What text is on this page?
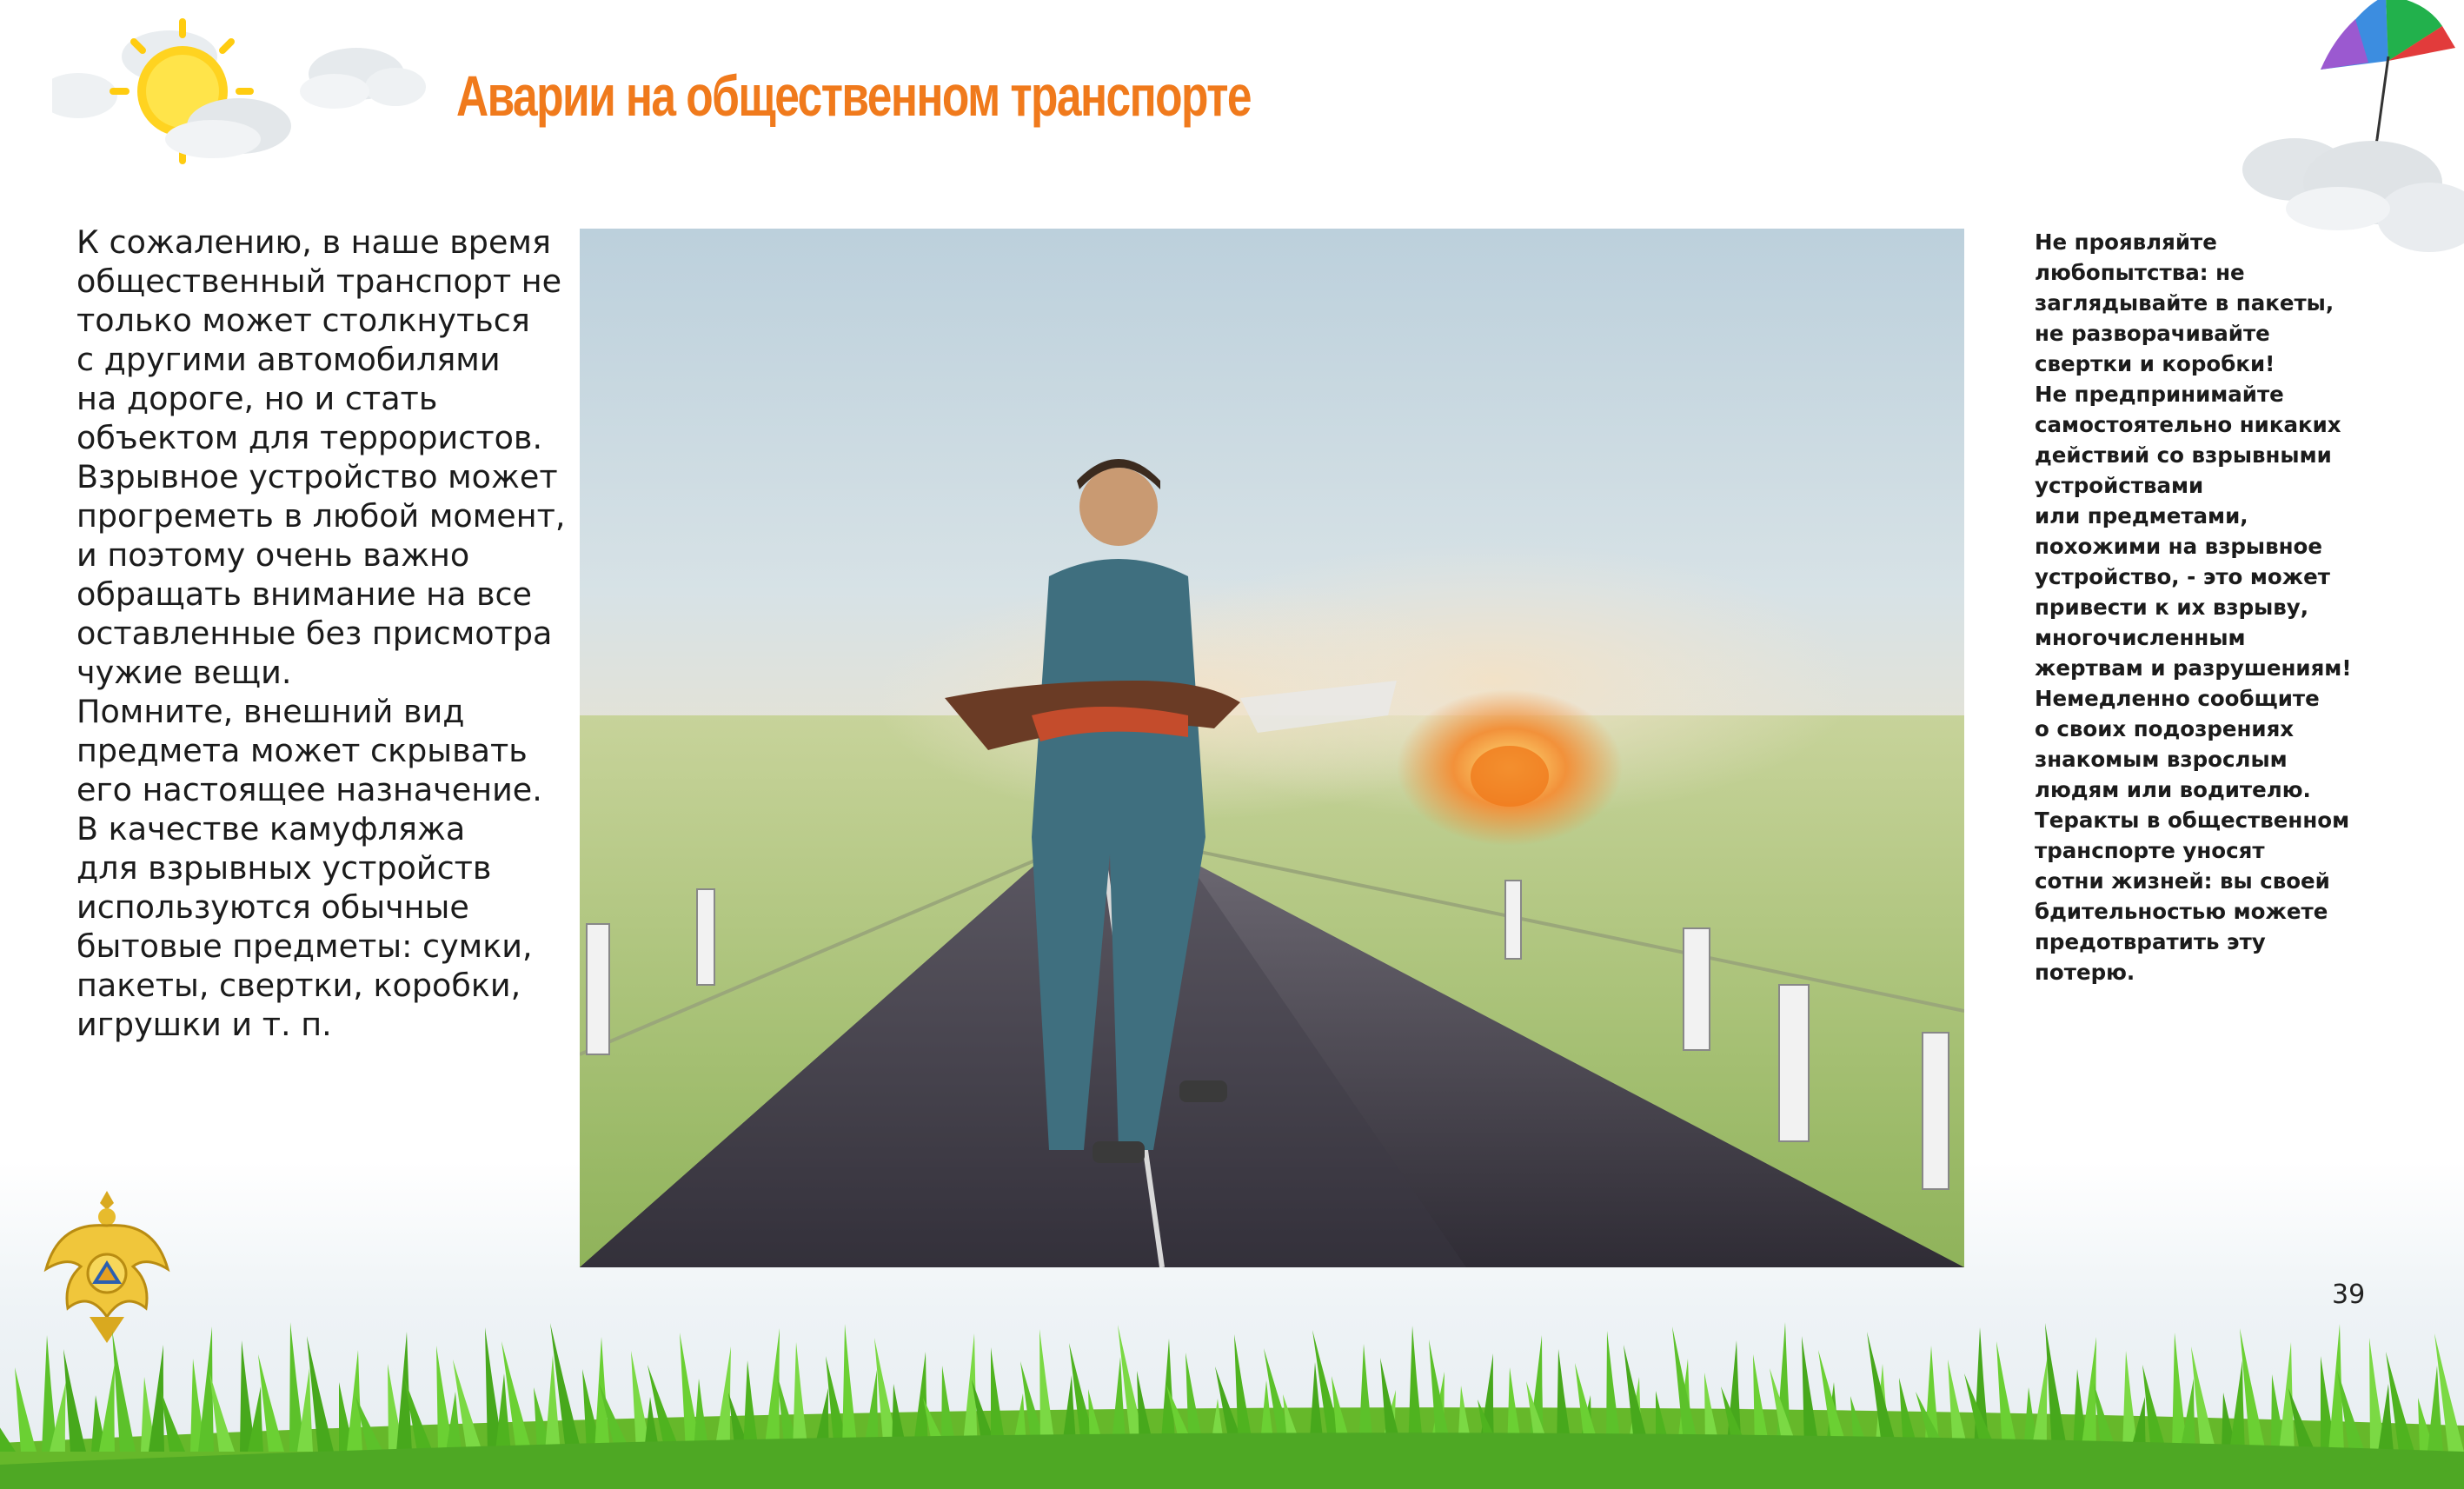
Аварии на общественном транспорте
К сожалению, в наше время
общественный транспорт не
только может столкнуться
с другими автомобилями
на дороге, но и стать
объектом для террористов.
Взрывное устройство может
прогреметь в любой момент,
и поэтому очень важно
обращать внимание на все
оставленные без присмотра
чужие вещи.
Помните, внешний вид
предмета может скрывать
его настоящее назначение.
В качестве камуфляжа
для взрывных устройств
используются обычные
бытовые предметы: сумки,
пакеты, свертки, коробки,
игрушки и т. п.
Не проявляйте
любопытства: не
заглядывайте в пакеты,
не разворачивайте
свертки и коробки!
Не предпринимайте
самостоятельно никаких
действий со взрывными
устройствами
или предметами,
похожими на взрывное
устройство, - это может
привести к их взрыву,
многочисленным
жертвам и разрушениям!
Немедленно сообщите
о своих подозрениях
знакомым взрослым
людям или водителю.
Теракты в общественном
транспорте уносят
сотни жизней: вы своей
бдительностью можете
предотвратить эту
потерю.
39
